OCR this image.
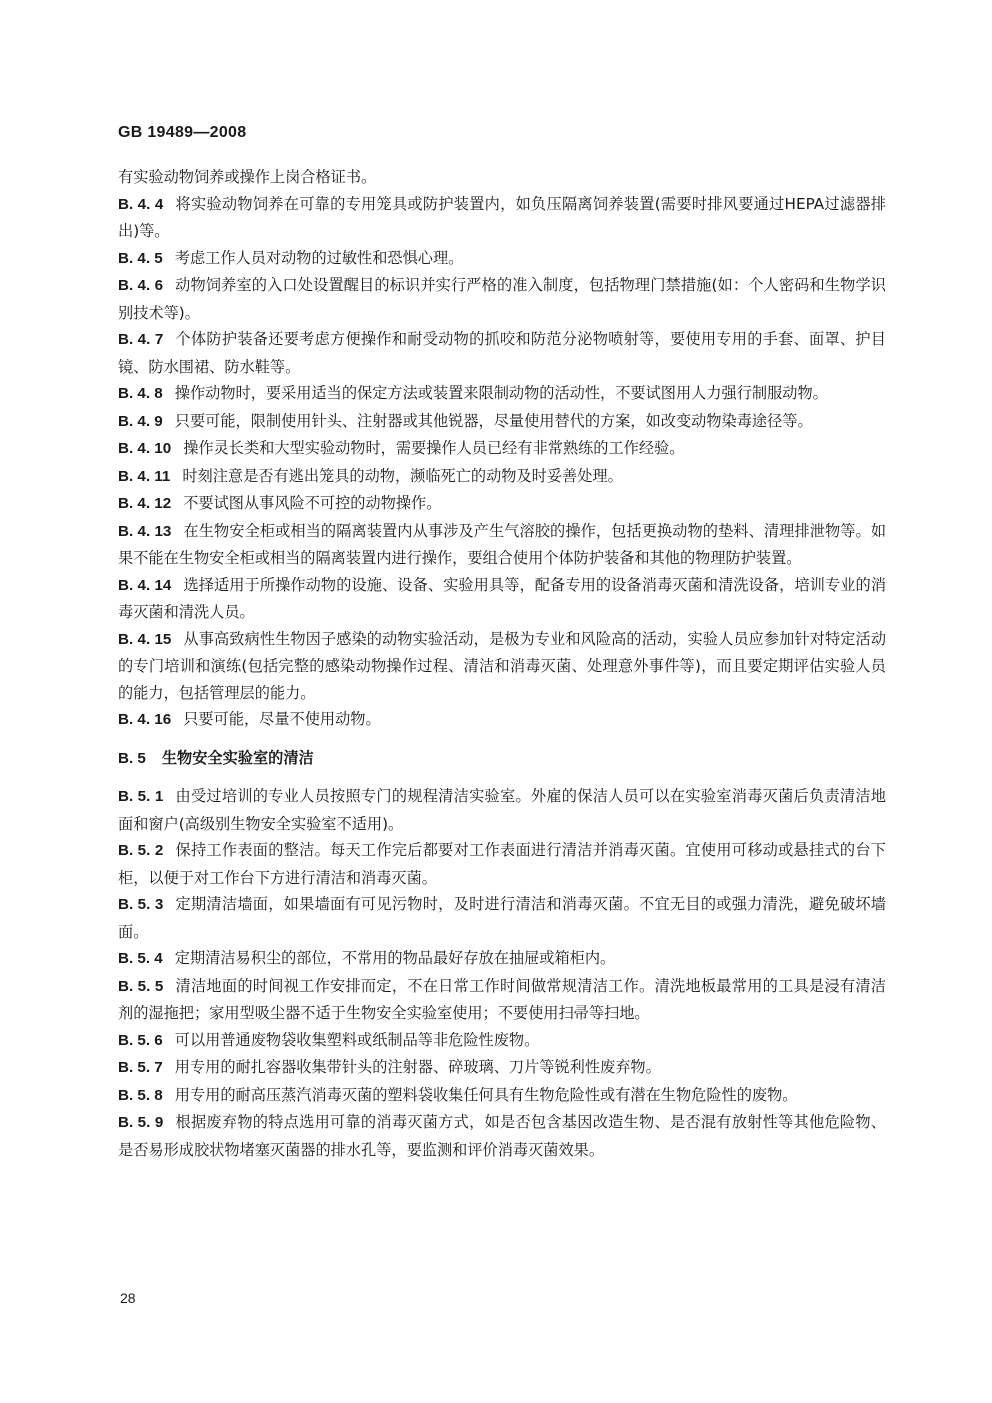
GB 19489—2008

有实验动物饲养或操作上岗合格证书。

B. 4. 4 将实验动物饲养在可靠的专用笼具或防护装置内，如负压隔离饲养装置(需要时排风要通过HEPA过滤器排出)等。

B. 4. 5 考虑工作人员对动物的过敏性和恐惧心理。

B. 4. 6 动物饲养室的入口处设置醒目的标识并实行严格的准入制度，包括物理门禁措施(如：个人密码和生物学识别技术等)。

B. 4. 7 个体防护装备还要考虑方便操作和耐受动物的抓咬和防范分泌物喷射等，要使用专用的手套、面罩、护目镜、防水围裙、防水鞋等。

B. 4. 8 操作动物时，要采用适当的保定方法或装置来限制动物的活动性，不要试图用人力强行制服动物。

B. 4. 9 只要可能，限制使用针头、注射器或其他锐器，尽量使用替代的方案，如改变动物染毒途径等。

B. 4. 10 操作灵长类和大型实验动物时，需要操作人员已经有非常熟练的工作经验。

B. 4. 11 时刻注意是否有逃出笼具的动物，濒临死亡的动物及时妥善处理。

B. 4. 12 不要试图从事风险不可控的动物操作。

B. 4. 13 在生物安全柜或相当的隔离装置内从事涉及产生气溶胶的操作，包括更换动物的垫料、清理排泄物等。如果不能在生物安全柜或相当的隔离装置内进行操作，要组合使用个体防护装备和其他的物理防护装置。

B. 4. 14 选择适用于所操作动物的设施、设备、实验用具等，配备专用的设备消毒灭菌和清洗设备，培训专业的消毒灭菌和清洗人员。

B. 4. 15 从事高致病性生物因子感染的动物实验活动，是极为专业和风险高的活动，实验人员应参加针对特定活动的专门培训和演练(包括完整的感染动物操作过程、清洁和消毒灭菌、处理意外事件等)，而且要定期评估实验人员的能力，包括管理层的能力。

B. 4. 16 只要可能，尽量不使用动物。

B. 5 生物安全实验室的清洁

B. 5. 1 由受过培训的专业人员按照专门的规程清洁实验室。外雇的保洁人员可以在实验室消毒灭菌后负责清洁地面和窗户(高级别生物安全实验室不适用)。

B. 5. 2 保持工作表面的整洁。每天工作完后都要对工作表面进行清洁并消毒灭菌。宜使用可移动或悬挂式的台下柜，以便于对工作台下方进行清洁和消毒灭菌。

B. 5. 3 定期清洁墙面，如果墙面有可见污物时，及时进行清洁和消毒灭菌。不宜无目的或强力清洗，避免破坏墙面。

B. 5. 4 定期清洁易积尘的部位，不常用的物品最好存放在抽屉或箱柜内。

B. 5. 5 清洁地面的时间视工作安排而定，不在日常工作时间做常规清洁工作。清洗地板最常用的工具是浸有清洁剂的湿拖把；家用型吸尘器不适于生物安全实验室使用；不要使用扫帚等扫地。

B. 5. 6 可以用普通废物袋收集塑料或纸制品等非危险性废物。

B. 5. 7 用专用的耐扎容器收集带针头的注射器、碎玻璃、刀片等锐利性废弃物。

B. 5. 8 用专用的耐高压蒸汽消毒灭菌的塑料袋收集任何具有生物危险性或有潜在生物危险性的废物。

B. 5. 9 根据废弃物的特点选用可靠的消毒灭菌方式，如是否包含基因改造生物、是否混有放射性等其他危险物、是否易形成胶状物堵塞灭菌器的排水孔等，要监测和评价消毒灭菌效果。

28
